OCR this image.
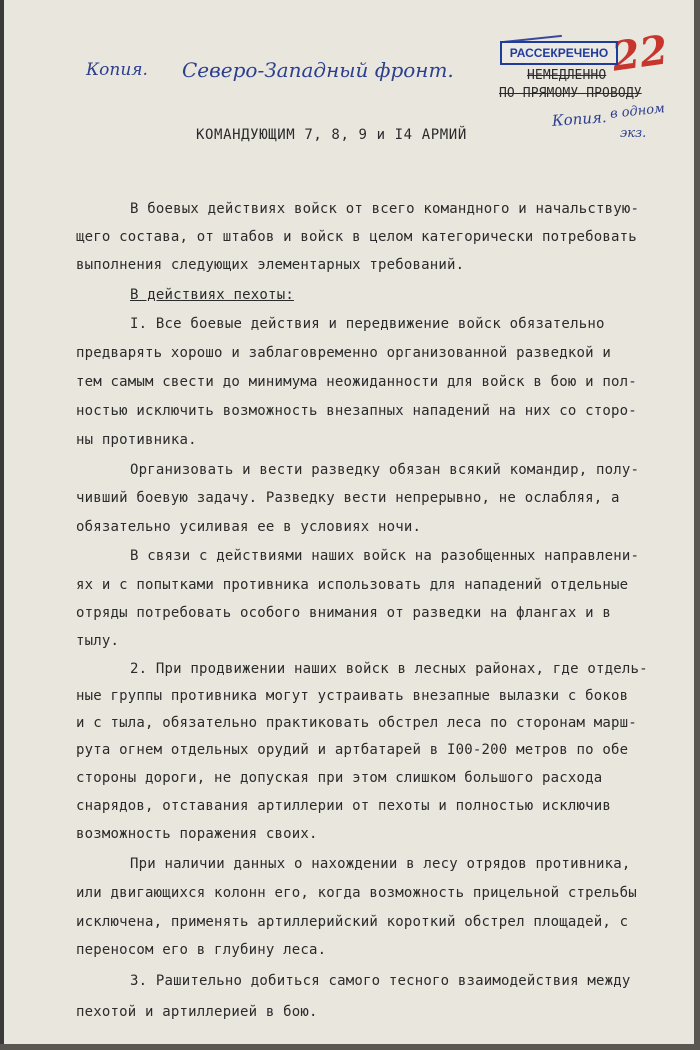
Копия. Северо-Западный фронт.	22
РАССЕКРЕЧЕНО
НЕМЕДЛЕННО
ПО ПРЯМОМУ ПРОВОДУ
Копия. в одном
экз.
КОМАНДУЮЩИМ 7, 8, 9 и I4 АРМИЙ
В боевых действиях войск от всего командного и начальствую-
щего состава, от штабов и войск в целом категорически потребовать
выполнения следующих элементарных требований.
В действиях пехоты:
I. Все боевые действия и передвижение войск обязательно
предварять хорошо и заблаговременно организованной разведкой и
тем самым свести до минимума неожиданности для войск в бою и пол-
ностью исключить возможность внезапных нападений на них со сторо-
ны противника.
Организовать и вести разведку обязан всякий командир, полу-
чивший боевую задачу. Разведку вести непрерывно, не ослабляя, а
обязательно усиливая ее в условиях ночи.
В связи с действиями наших войск на разобщенных направлени-
ях и с попытками противника использовать для нападений отдельные
отряды потребовать особого внимания от разведки на флангах и в
тылу.
2. При продвижении наших войск в лесных районах, где отдель-
ные группы противника могут устраивать внезапные вылазки с боков
и с тыла, обязательно практиковать обстрел леса по сторонам марш-
рута огнем отдельных орудий и артбатарей в I00-200 метров по обе
стороны дороги, не допуская при этом слишком большого расхода
снарядов, отставания артиллерии от пехоты и полностью исключив
возможность поражения своих.
При наличии данных о нахождении в лесу отрядов противника,
или двигающихся колонн его, когда возможность прицельной стрельбы
исключена, применять артиллерийский короткий обстрел площадей, с
переносом его в глубину леса.
3. Рашительно добиться самого тесного взаимодействия между
пехотой и артиллерией в бою.
